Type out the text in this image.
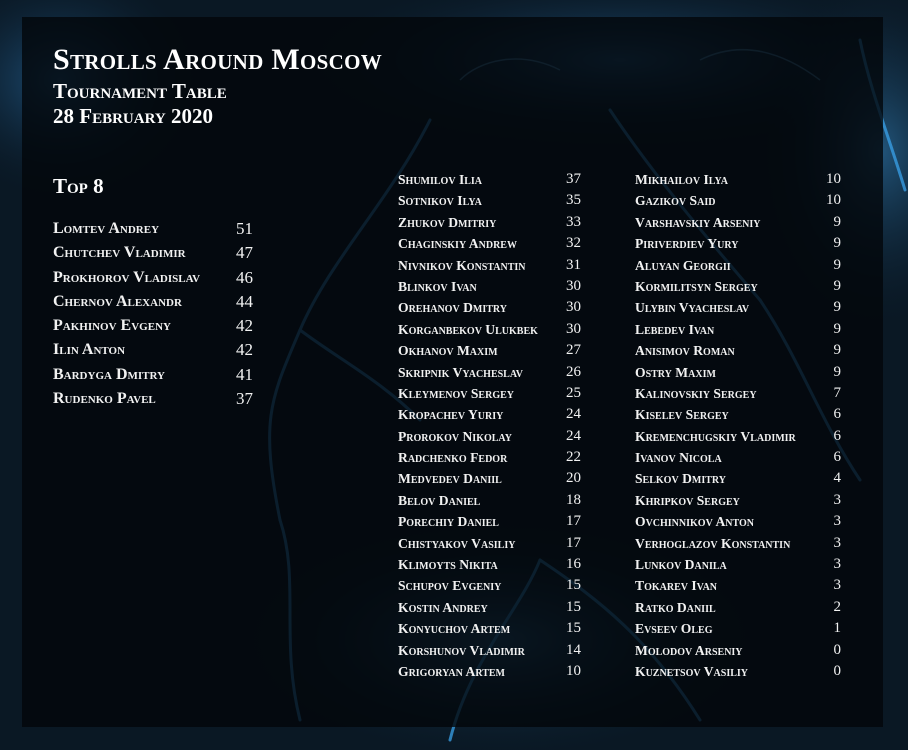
Strolls Around Moscow
Tournament Table
28 February 2020
Top 8
Lomtev Andrey	51
Chutchev Vladimir	47
Prokhorov Vladislav	46
Chernov Alexandr	44
Pakhinov Evgeny	42
Ilin Anton	42
Bardyga Dmitry	41
Rudenko Pavel	37
Shumilov Ilia	37
Sotnikov Ilya	35
Zhukov Dmitriy	33
Chaginskiy Andrew	32
Nivnikov Konstantin	31
Blinkov Ivan	30
Orehanov Dmitry	30
Korganbekov Ulukbek	30
Okhanov Maxim	27
Skripnik Vyacheslav	26
Kleymenov Sergey	25
Kropachev Yuriy	24
Prorokov Nikolay	24
Radchenko Fedor	22
Medvedev Daniil	20
Belov Daniel	18
Porechiy Daniel	17
Chistyakov Vasiliy	17
Klimoyts Nikita	16
Schupov Evgeniy	15
Kostin Andrey	15
Konyuchov Artem	15
Korshunov Vladimir	14
Grigoryan Artem	10
Mikhailov Ilya	10
Gazikov Said	10
Varshavskiy Arseniy	9
Piriverdiev Yury	9
Aluyan Georgii	9
Kormilitsyn Sergey	9
Ulybin Vyacheslav	9
Lebedev Ivan	9
Anisimov Roman	9
Ostry Maxim	9
Kalinovskiy Sergey	7
Kiselev Sergey	6
Kremenchugskiy Vladimir	6
Ivanov Nicola	6
Selkov Dmitry	4
Khripkov Sergey	3
Ovchinnikov Anton	3
Verhoglazov Konstantin	3
Lunkov Danila	3
Tokarev Ivan	3
Ratko Daniil	2
Evseev Oleg	1
Molodov Arseniy	0
Kuznetsov Vasiliy	0
